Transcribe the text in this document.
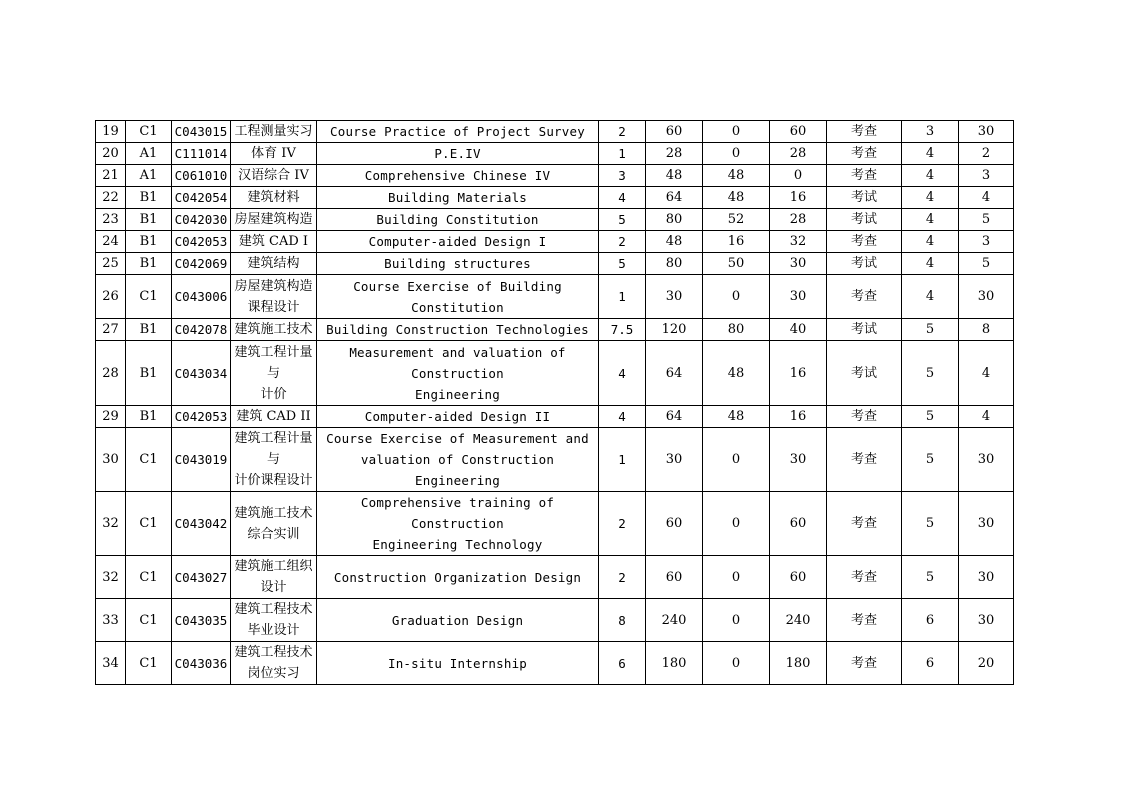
19	C1	C043015	工程测量实习	Course Practice of Project Survey	2	60	0	60	考查	3	30
20	A1	C111014	体育 IV	P.E.IV	1	28	0	28	考查	4	2
21	A1	C061010	汉语综合 IV	Comprehensive Chinese IV	3	48	48	0	考查	4	3
22	B1	C042054	建筑材料	Building Materials	4	64	48	16	考试	4	4
23	B1	C042030	房屋建筑构造	Building Constitution	5	80	52	28	考试	4	5
24	B1	C042053	建筑 CAD I	Computer-aided Design I	2	48	16	32	考查	4	3
25	B1	C042069	建筑结构	Building structures	5	80	50	30	考试	4	5
26	C1	C043006	房屋建筑构造
课程设计	Course Exercise of Building Constitution	1	30	0	30	考查	4	30
27	B1	C042078	建筑施工技术	Building Construction Technologies	7.5	120	80	40	考试	5	8
28	B1	C043034	建筑工程计量
与
计价	Measurement and valuation of Construction
Engineering	4	64	48	16	考试	5	4
29	B1	C042053	建筑 CAD II	Computer-aided Design II	4	64	48	16	考查	5	4
30	C1	C043019	建筑工程计量
与
计价课程设计	Course Exercise of Measurement and
valuation of Construction Engineering	1	30	0	30	考查	5	30
32	C1	C043042	建筑施工技术
综合实训	Comprehensive training of Construction
Engineering Technology	2	60	0	60	考查	5	30
32	C1	C043027	建筑施工组织
设计	Construction Organization Design	2	60	0	60	考查	5	30
33	C1	C043035	建筑工程技术
毕业设计	Graduation Design	8	240	0	240	考查	6	30
34	C1	C043036	建筑工程技术
岗位实习	In-situ Internship	6	180	0	180	考查	6	20
